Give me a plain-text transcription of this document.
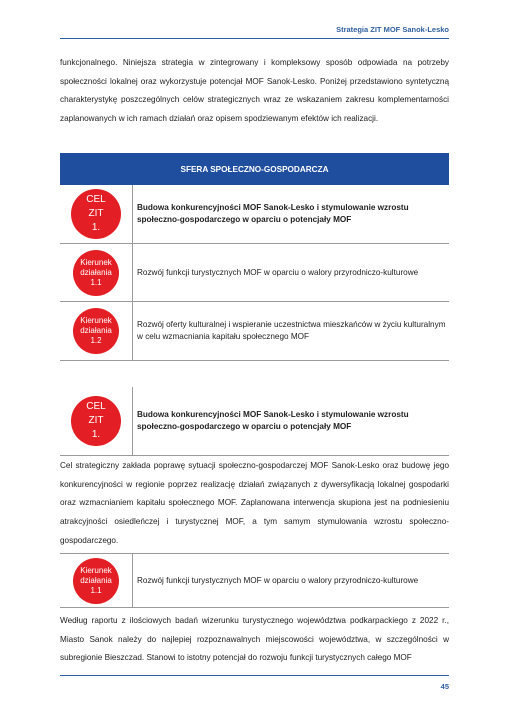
Strategia ZIT MOF Sanok-Lesko
funkcjonalnego. Niniejsza strategia w zintegrowany i kompleksowy sposób odpowiada na potrzeby społeczności lokalnej oraz wykorzystuje potencjał MOF Sanok-Lesko. Poniżej przedstawiono syntetyczną charakterystykę poszczególnych celów strategicznych wraz ze wskazaniem zakresu komplementarności zaplanowanych w ich ramach działań oraz opisem spodziewanym efektów ich realizacji.
SFERA SPOŁECZNO-GOSPODARCZA
CEL
ZIT
1.
Budowa konkurencyjności MOF Sanok-Lesko i stymulowanie wzrostu społeczno-gospodarczego w oparciu o potencjały MOF
Kierunek
działania
1.1
Rozwój funkcji turystycznych MOF w oparciu o walory przyrodniczo-kulturowe
Kierunek
działania
1.2
Rozwój oferty kulturalnej i wspieranie uczestnictwa mieszkańców w życiu kulturalnym w celu wzmacniania kapitału społecznego MOF
CEL
ZIT
1.
Budowa konkurencyjności MOF Sanok-Lesko i stymulowanie wzrostu społeczno-gospodarczego w oparciu o potencjały MOF
Cel strategiczny zakłada poprawę sytuacji społeczno-gospodarczej MOF Sanok-Lesko oraz budowę jego konkurencyjności w regionie poprzez realizację działań związanych z dywersyfikacją lokalnej gospodarki oraz wzmacnianiem kapitału społecznego MOF. Zaplanowana interwencja skupiona jest na podniesieniu atrakcyjności osiedleńczej i turystycznej MOF, a tym samym stymulowania wzrostu społeczno-gospodarczego.
Kierunek
działania
1.1
Rozwój funkcji turystycznych MOF w oparciu o walory przyrodniczo-kulturowe
Według raportu z ilościowych badań wizerunku turystycznego województwa podkarpackiego z 2022 r., Miasto Sanok należy do najlepiej rozpoznawalnych miejscowości województwa, w szczególności w subregionie Bieszczad. Stanowi to istotny potencjał do rozwoju funkcji turystycznych całego MOF
45
